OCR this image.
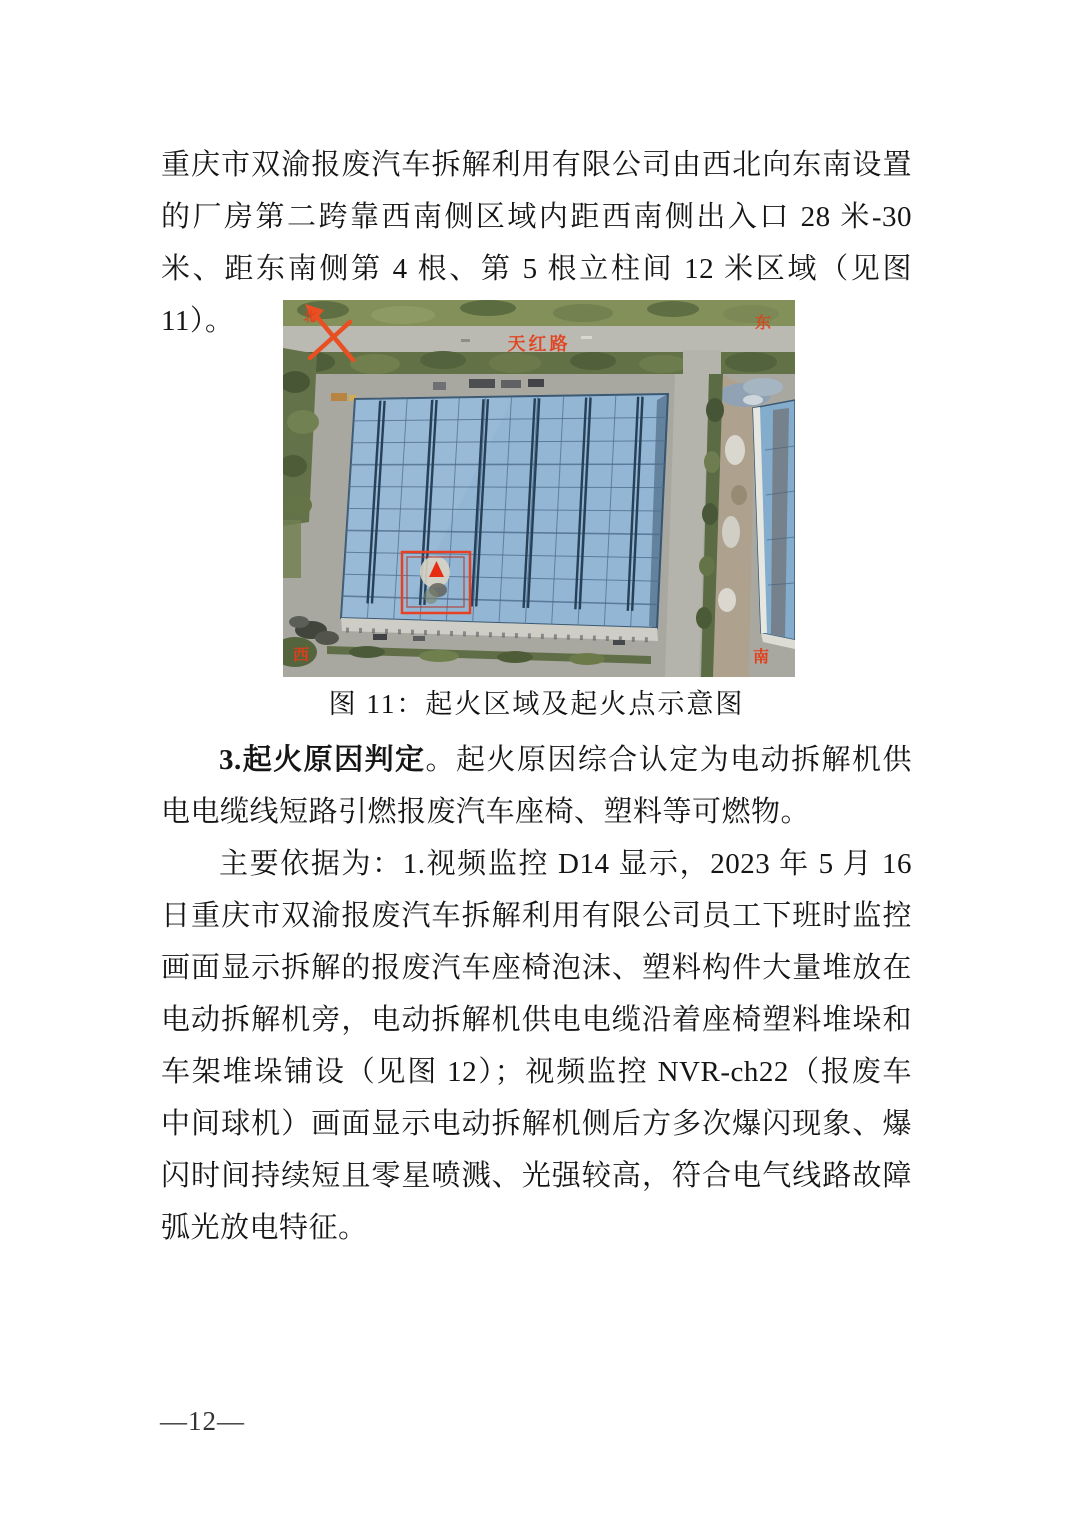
重庆市双渝报废汽车拆解利用有限公司由西北向东南设置的厂房第二跨靠西南侧区域内距西南侧出入口 28 米-30 米、距东南侧第 4 根、第 5 根立柱间 12 米区域（见图 11）。	北
天红路
东
西	南

图 11：起火区域及起火点示意图

3.起火原因判定。起火原因综合认定为电动拆解机供电电缆线短路引燃报废汽车座椅、塑料等可燃物。

主要依据为：1.视频监控 D14 显示，2023 年 5 月 16 日重庆市双渝报废汽车拆解利用有限公司员工下班时监控画面显示拆解的报废汽车座椅泡沫、塑料构件大量堆放在电动拆解机旁，电动拆解机供电电缆沿着座椅塑料堆垛和车架堆垛铺设（见图 12）；视频监控 NVR-ch22（报废车中间球机）画面显示电动拆解机侧后方多次爆闪现象、爆闪时间持续短且零星喷溅、光强较高，符合电气线路故障弧光放电特征。

—12—
